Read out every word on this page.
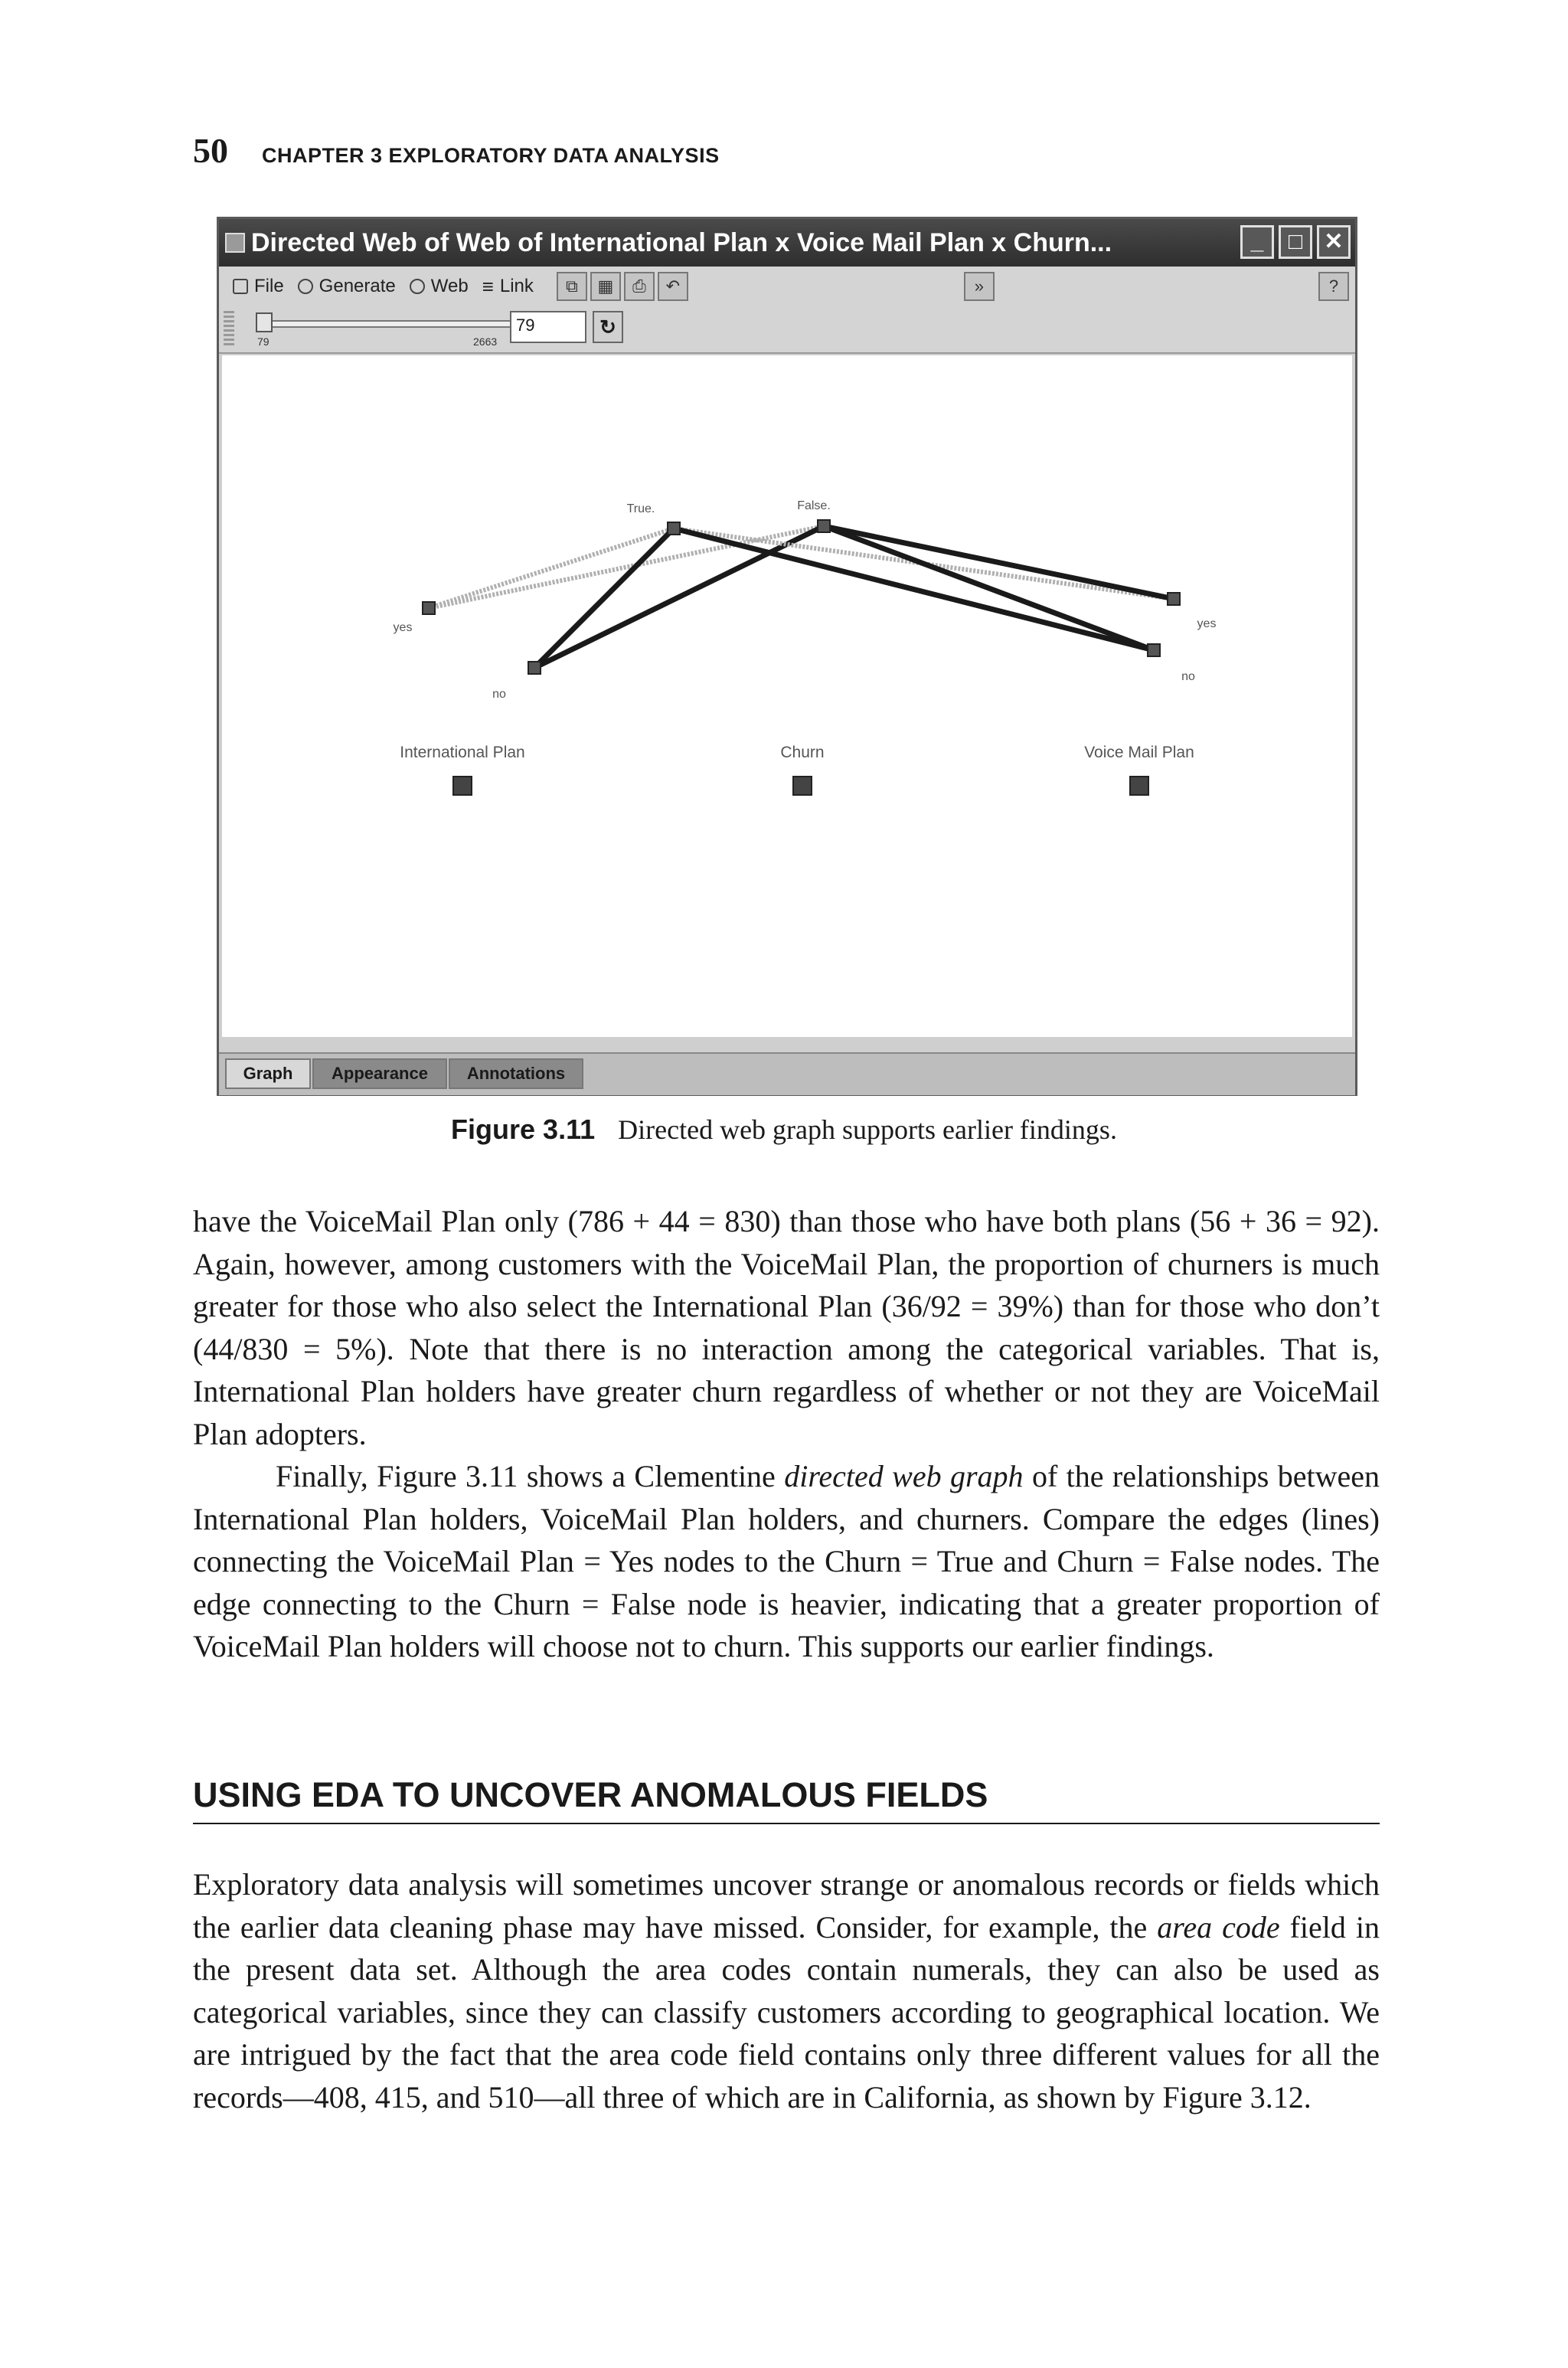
50 CHAPTER 3 EXPLORATORY DATA ANALYSIS
Directed Web of Web of International Plan x Voice Mail Plan x Churn...	_	□ ✕
File Generate Web ≡ Link	⧉	▦	⎙	↶	»	?
79	2663
79	↻
yes
no
True.	False.
yes
no
International Plan	Churn	Voice Mail Plan
Graph	Appearance	Annotations
Figure 3.11 Directed web graph supports earlier findings.

have the VoiceMail Plan only (786 + 44 = 830) than those who have both plans (56 + 36 = 92). Again, however, among customers with the VoiceMail Plan, the proportion of churners is much greater for those who also select the International Plan (36/92 = 39%) than for those who don’t (44/830 = 5%). Note that there is no interaction among the categorical variables. That is, International Plan holders have greater churn regardless of whether or not they are VoiceMail Plan adopters.

Finally, Figure 3.11 shows a Clementine directed web graph of the relationships between International Plan holders, VoiceMail Plan holders, and churners. Compare the edges (lines) connecting the VoiceMail Plan = Yes nodes to the Churn = True and Churn = False nodes. The edge connecting to the Churn = False node is heavier, indicating that a greater proportion of VoiceMail Plan holders will choose not to churn. This supports our earlier findings.

USING EDA TO UNCOVER ANOMALOUS FIELDS

Exploratory data analysis will sometimes uncover strange or anomalous records or fields which the earlier data cleaning phase may have missed. Consider, for example, the area code field in the present data set. Although the area codes contain numerals, they can also be used as categorical variables, since they can classify customers according to geographical location. We are intrigued by the fact that the area code field contains only three different values for all the records—408, 415, and 510—all three of which are in California, as shown by Figure 3.12.
